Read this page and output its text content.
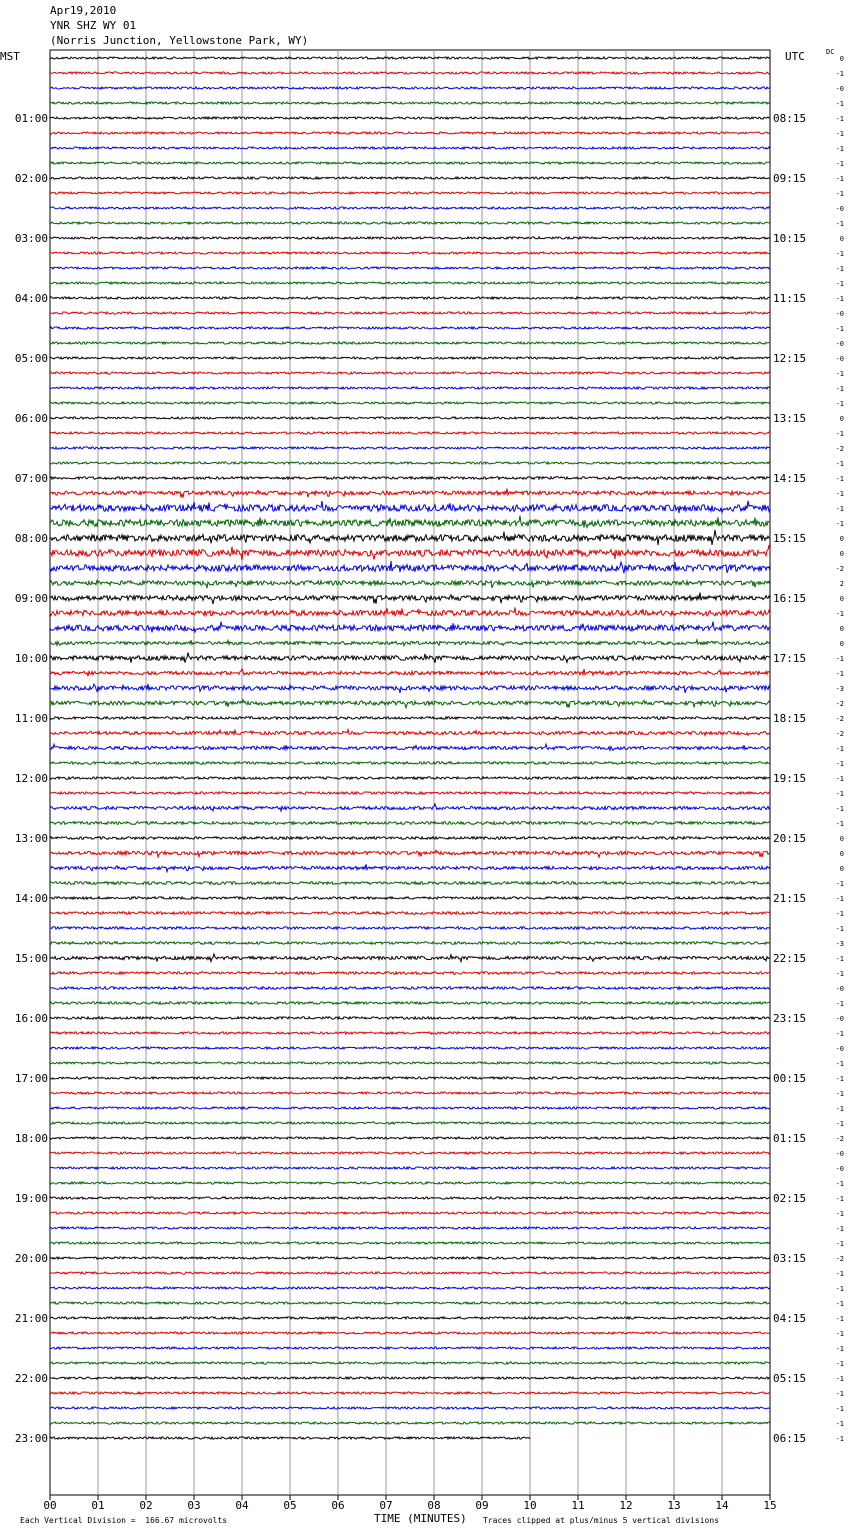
Apr19,2010
YNR SHZ WY 01
(Norris Junction, Yellowstone Park, WY)
MST	UTC	DC
00	01	02	03	04	05	06	07	08	09	10	11	12	13	14	15
0
-1
-0
-1
-1
-1
-1
-1
-1
-1
-0
-1
0
-1
-1
-1
-1
-0
-1
-0
-0
-1
-1
-1
0
-1
-2
-1
-1
-1
-1
-1
0
0
-2
2
0
-1
0
0
-1
-1
-3
-2
-2
-2
-1
-1
-1
-1
-1
-1
0
0
0
-1
-1
-1
-1
-3
-1
-1
-0
-1
-0
-1
-0
-1
-1
-1
-1
-1
-2
-0
-0
-1
-1
-1
-1
-1
-2
-1
-1
-1
-1
-1
-1
-1
-1
-1
-1
-1
-1
01:00	08:15
02:00	09:15
03:00	10:15
04:00	11:15
05:00	12:15
06:00	13:15
07:00	14:15
08:00	15:15
09:00	16:15
10:00	17:15
11:00	18:15
12:00	19:15
13:00	20:15
14:00	21:15
15:00	22:15
16:00	23:15
17:00	00:15
18:00	01:15
19:00	02:15
20:00	03:15
21:00	04:15
22:00	05:15
23:00	06:15
Each Vertical Division =  166.67 microvolts	TIME (MINUTES) Traces clipped at plus/minus 5 vertical divisions
